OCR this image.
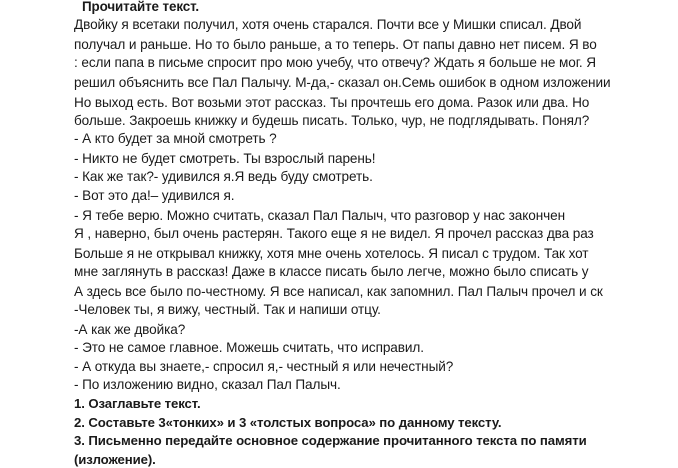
Прочитайте текст.
Двойку я всетаки получил, хотя очень старался. Почти все у Мишки списал. Двой
получал и раньше. Но то было раньше, а то теперь. От папы давно нет писем. Я во
: если папа в письме спросит про мою учебу, что отвечу? Ждать я больше не мог. Я
решил объяснить все Пал Палычу. М-да,- сказал он.Семь ошибок в одном изложении
Но выход есть. Вот возьми этот рассказ. Ты прочтешь его дома. Разок или два. Но
больше. Закроешь книжку и будешь писать. Только, чур, не подглядывать. Понял?
- А кто будет за мной смотреть ?
- Никто не будет смотреть. Ты взрослый парень!
- Как же так?- удивился я.Я ведь буду смотреть.
- Вот это да!– удивился я.
- Я тебе верю. Можно считать, сказал Пал Палыч, что разговор у нас закончен
Я , наверно, был очень растерян. Такого еще я не видел. Я прочел рассказ два раз
Больше я не открывал книжку, хотя мне очень хотелось. Я писал с трудом. Так хот
мне заглянуть в рассказ! Даже в классе писать было легче, можно было списать у
А здесь все было по-честному. Я все написал, как запомнил. Пал Палыч прочел и ск
-Человек ты, я вижу, честный. Так и напиши отцу.
-А как же двойка?
- Это не самое главное. Можешь считать, что исправил.
- А откуда вы знаете,- спросил я,- честный я или нечестный?
- По изложению видно, сказал Пал Палыч.
1. Озаглавьте текст.
2. Составьте 3«тонких» и 3 «толстых вопроса» по данному тексту.
3. Письменно передайте основное содержание прочитанного текста по памяти
(изложение).
